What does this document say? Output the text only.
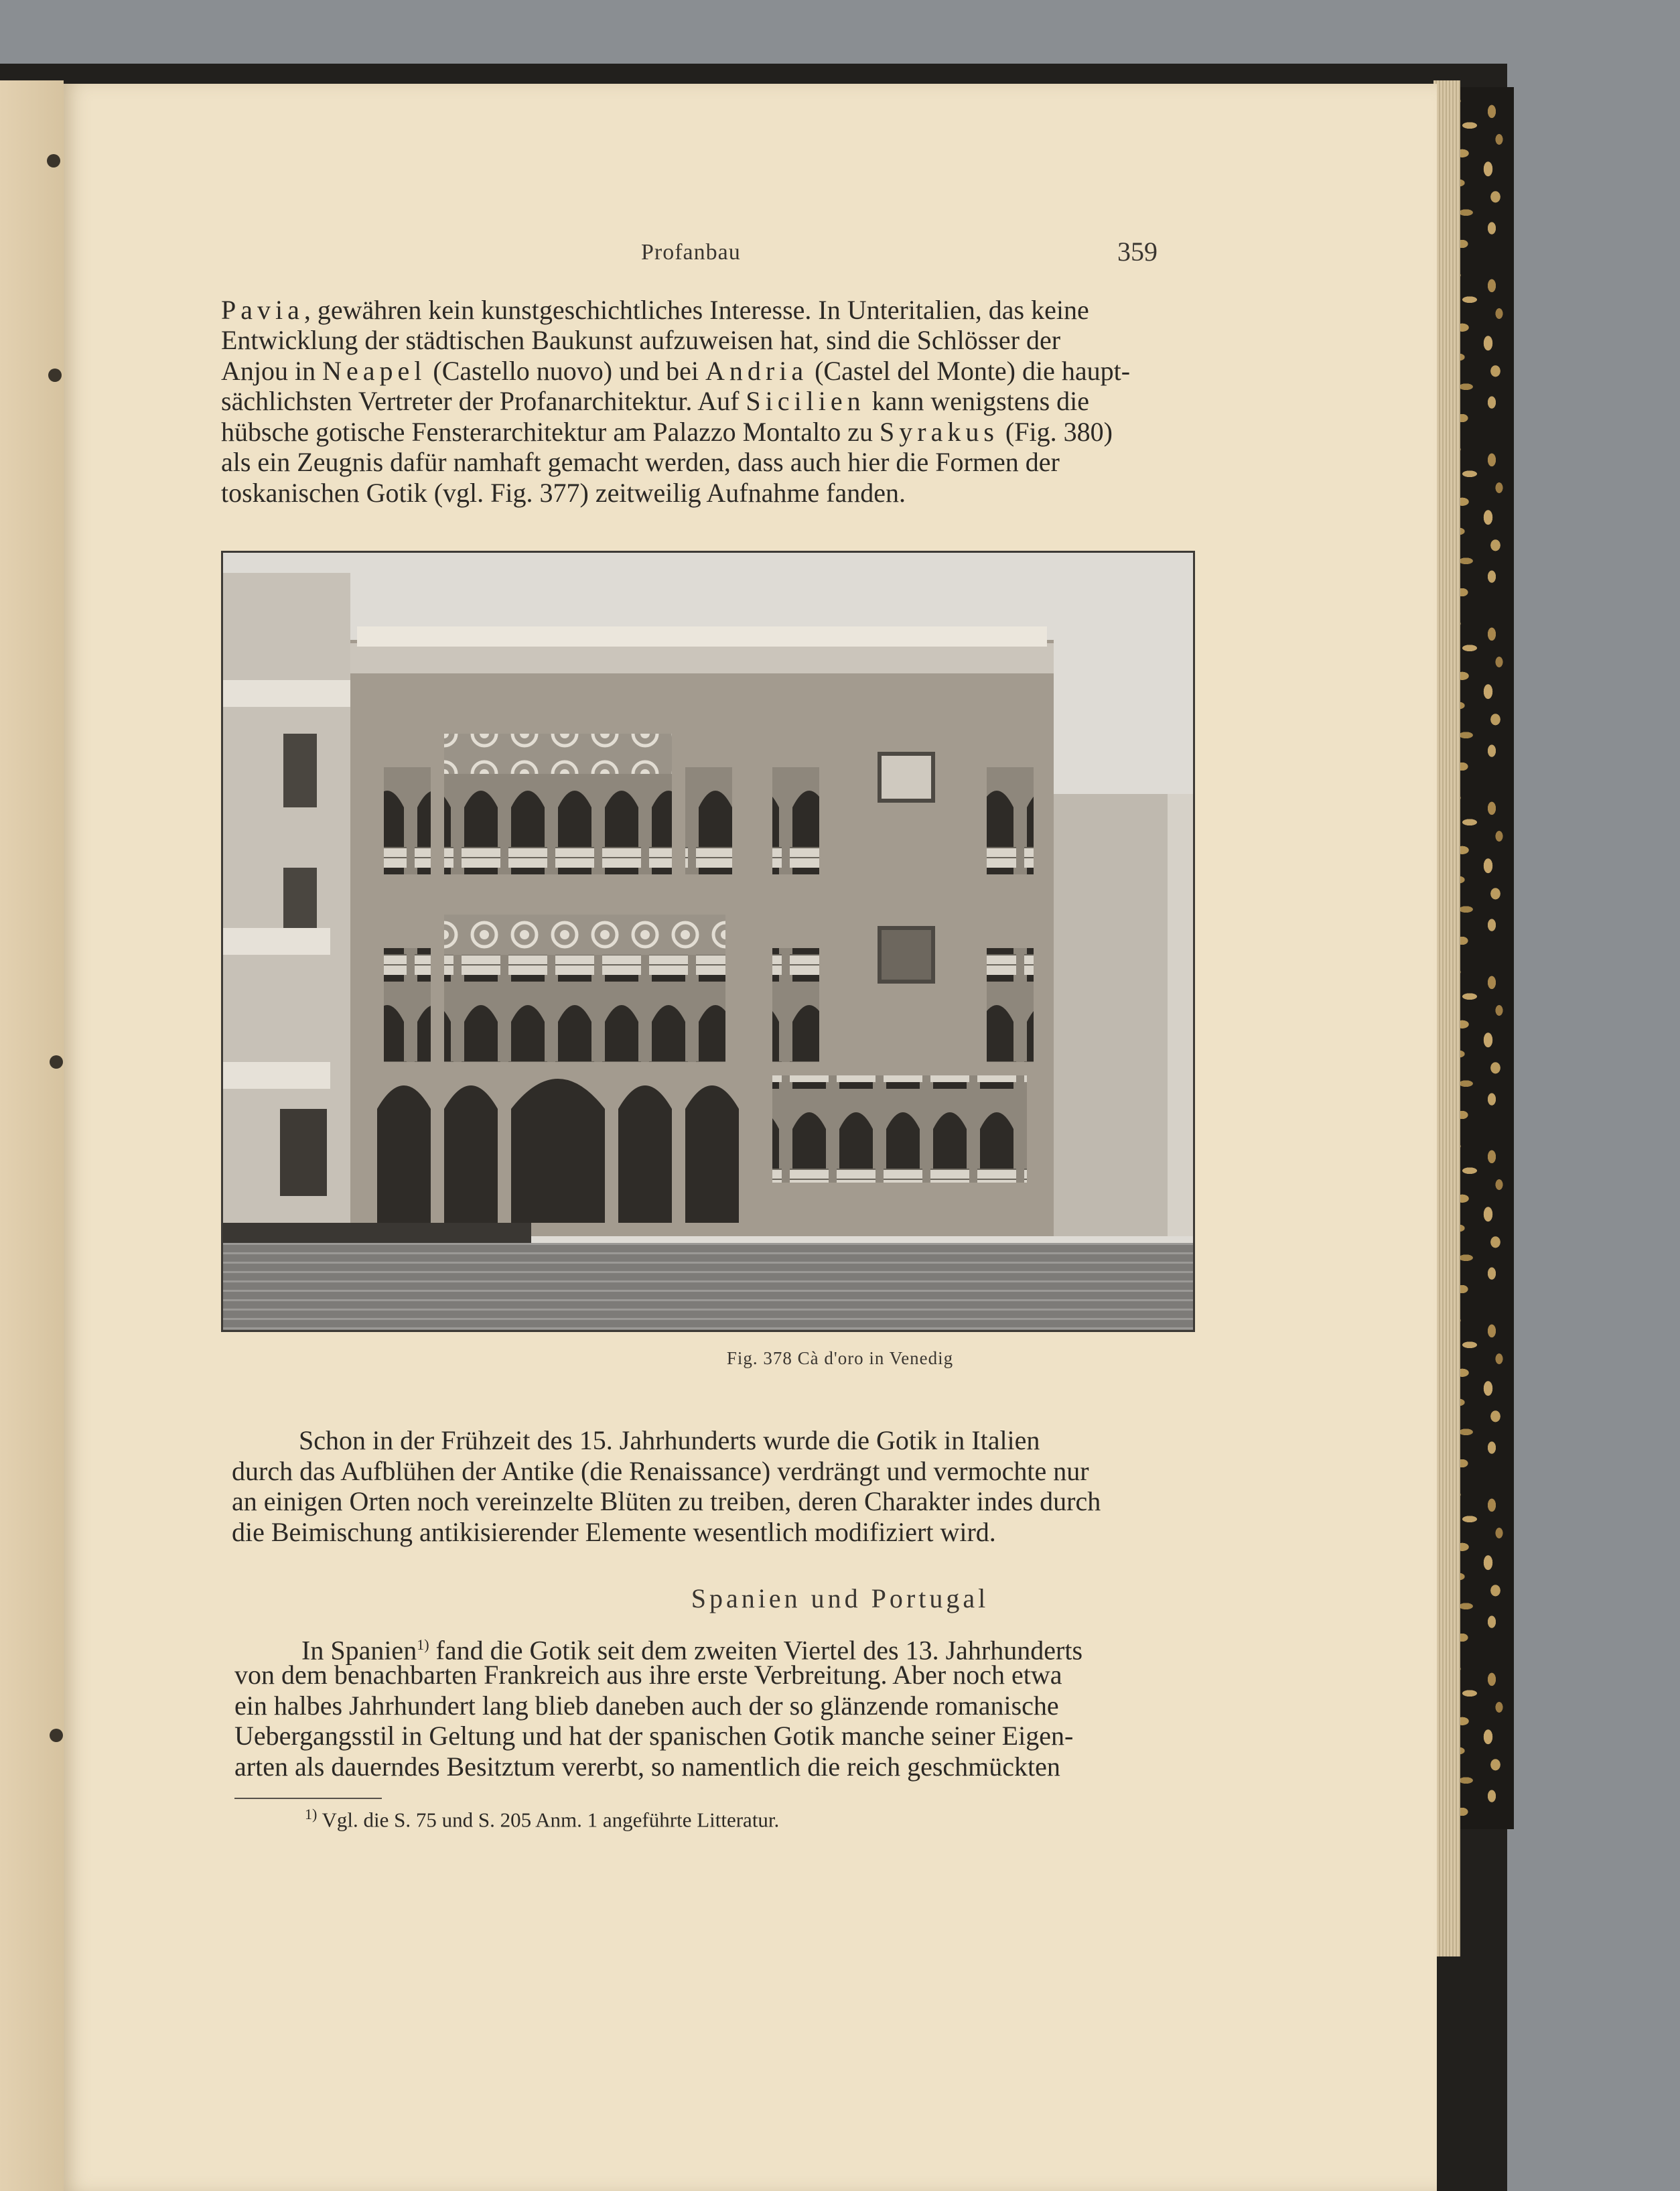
Profanbau	359

Pavia, gewähren kein kunstgeschichtliches Interesse. In Unteritalien, das keine

Entwicklung der städtischen Baukunst aufzuweisen hat, sind die Schlösser der

Anjou in Neapel (Castello nuovo) und bei Andria (Castel del Monte) die haupt-

sächlichsten Vertreter der Profanarchitektur. Auf Sicilien kann wenigstens die

hübsche gotische Fensterarchitektur am Palazzo Montalto zu Syrakus (Fig. 380)

als ein Zeugnis dafür namhaft gemacht werden, dass auch hier die Formen der

toskanischen Gotik (vgl. Fig. 377) zeitweilig Aufnahme fanden.

Fig. 378 Cà d'oro in Venedig

Schon in der Frühzeit des 15. Jahrhunderts wurde die Gotik in Italien

durch das Aufblühen der Antike (die Renaissance) verdrängt und vermochte nur

an einigen Orten noch vereinzelte Blüten zu treiben, deren Charakter indes durch

die Beimischung antikisierender Elemente wesentlich modifiziert wird.

Spanien und Portugal

In Spanien$^{1)}$ fand die Gotik seit dem zweiten Viertel des 13. Jahrhunderts

von dem benachbarten Frankreich aus ihre erste Verbreitung. Aber noch etwa

ein halbes Jahrhundert lang blieb daneben auch der so glänzende romanische

Uebergangsstil in Geltung und hat der spanischen Gotik manche seiner Eigen-

arten als dauerndes Besitztum vererbt, so namentlich die reich geschmückten

$^{1)}$ Vgl. die S. 75 und S. 205 Anm. 1 angeführte Litteratur.
